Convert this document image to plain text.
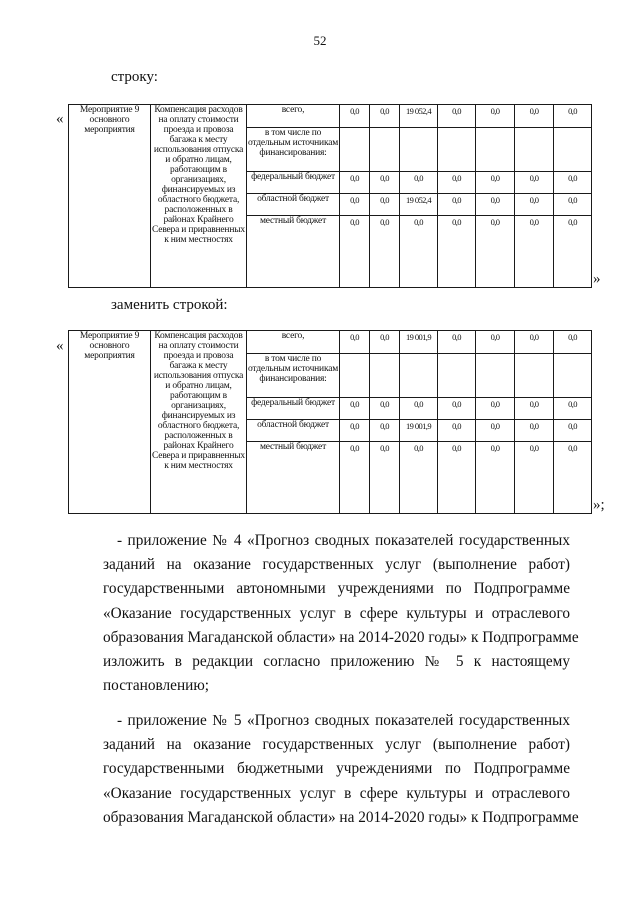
52
строку:
«
Мероприятие 9 основного мероприятия	Компенсация расходов на оплату стоимости проезда и провоза багажа к месту использования отпуска и обратно лицам, работающим в организациях, финансируемых из областного бюджета, расположенных в районах Крайнего Севера и приравненных к ним местностях	всего,	0,0	0,0	19 052,4	0,0	0,0	0,0	0,0
		в том числе по отдельным источникам финансирования:							
		федеральный бюджет	0,0	0,0	0,0	0,0	0,0	0,0	0,0
		областной бюджет	0,0	0,0	19 052,4	0,0	0,0	0,0	0,0
		местный бюджет	0,0	0,0	0,0	0,0	0,0	0,0	0,0
»
заменить строкой:
«
Мероприятие 9 основного мероприятия	Компенсация расходов на оплату стоимости проезда и провоза багажа к месту использования отпуска и обратно лицам, работающим в организациях, финансируемых из областного бюджета, расположенных в районах Крайнего Севера и приравненных к ним местностях	всего,	0,0	0,0	19 001,9	0,0	0,0	0,0	0,0
		в том числе по отдельным источникам финансирования:							
		федеральный бюджет	0,0	0,0	0,0	0,0	0,0	0,0	0,0
		областной бюджет	0,0	0,0	19 001,9	0,0	0,0	0,0	0,0
		местный бюджет	0,0	0,0	0,0	0,0	0,0	0,0	0,0
»;
- приложение № 4 «Прогноз сводных показателей государственных
заданий на оказание государственных услуг (выполнение работ)
государственными автономными учреждениями по Подпрограмме
«Оказание государственных услуг в сфере культуры и отраслевого
образования Магаданской области» на 2014-2020 годы» к Подпрограмме
изложить в редакции согласно приложению № 5 к настоящему
постановлению;
- приложение № 5 «Прогноз сводных показателей государственных
заданий на оказание государственных услуг (выполнение работ)
государственными бюджетными учреждениями по Подпрограмме
«Оказание государственных услуг в сфере культуры и отраслевого
образования Магаданской области» на 2014-2020 годы» к Подпрограмме
